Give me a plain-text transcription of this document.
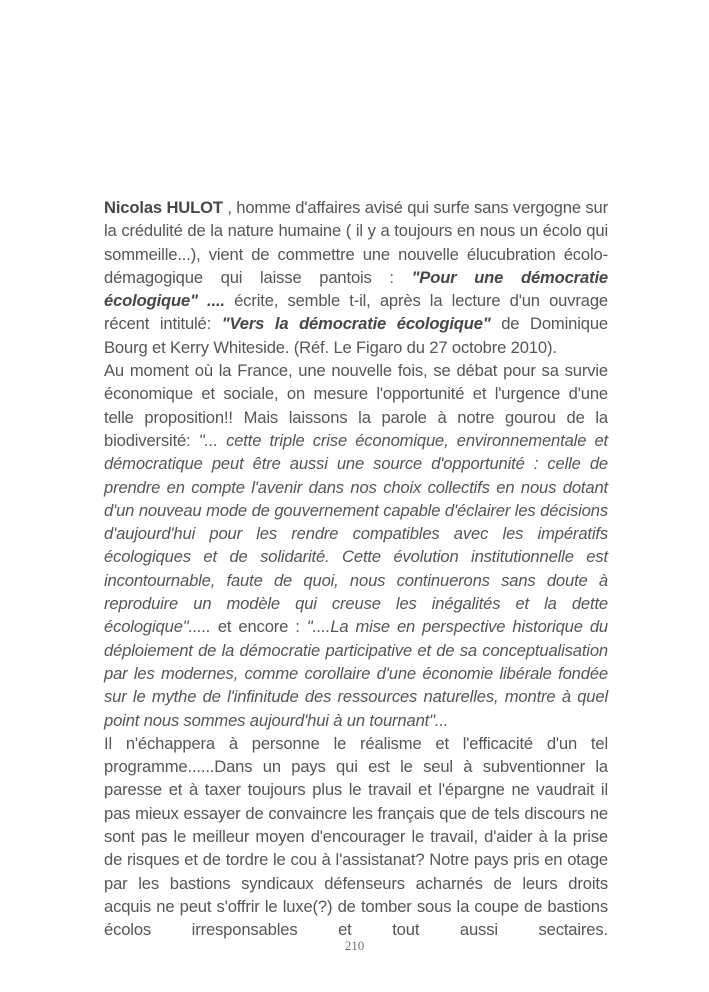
Nicolas HULOT , homme d'affaires avisé qui surfe sans vergogne sur la crédulité de la nature humaine ( il y a toujours en nous un écolo qui sommeille...), vient de commettre une nouvelle élucubration écolo-démagogique qui laisse pantois : "Pour une démocratie écologique" .... écrite, semble t-il, après la lecture d'un ouvrage récent intitulé: "Vers la démocratie écologique" de Dominique Bourg et Kerry Whiteside. (Réf. Le Figaro du 27 octobre 2010).

Au moment où la France, une nouvelle fois, se débat pour sa survie économique et sociale, on mesure l'opportunité et l'urgence d'une telle proposition!! Mais laissons la parole à notre gourou de la biodiversité: "... cette triple crise économique, environnementale et démocratique peut être aussi une source d'opportunité : celle de prendre en compte l'avenir dans nos choix collectifs en nous dotant d'un nouveau mode de gouvernement capable d'éclairer les décisions d'aujourd'hui pour les rendre compatibles avec les impératifs écologiques et de solidarité. Cette évolution institutionnelle est incontournable, faute de quoi, nous continuerons sans doute à reproduire un modèle qui creuse les inégalités et la dette écologique"..... et encore : "....La mise en perspective historique du déploiement de la démocratie participative et de sa conceptualisation par les modernes, comme corollaire d'une économie libérale fondée sur le mythe de l'infinitude des ressources naturelles, montre à quel point nous sommes aujourd'hui à un tournant"...

Il n'échappera à personne le réalisme et l'efficacité d'un tel programme......Dans un pays qui est le seul à subventionner la paresse et à taxer toujours plus le travail et l'épargne ne vaudrait il pas mieux essayer de convaincre les français que de tels discours ne sont pas le meilleur moyen d'encourager le travail, d'aider à la prise de risques et de tordre le cou à l'assistanat? Notre pays pris en otage par les bastions syndicaux défenseurs acharnés de leurs droits acquis ne peut s'offrir le luxe(?) de tomber sous la coupe de bastions écolos irresponsables et tout aussi sectaires.

210
